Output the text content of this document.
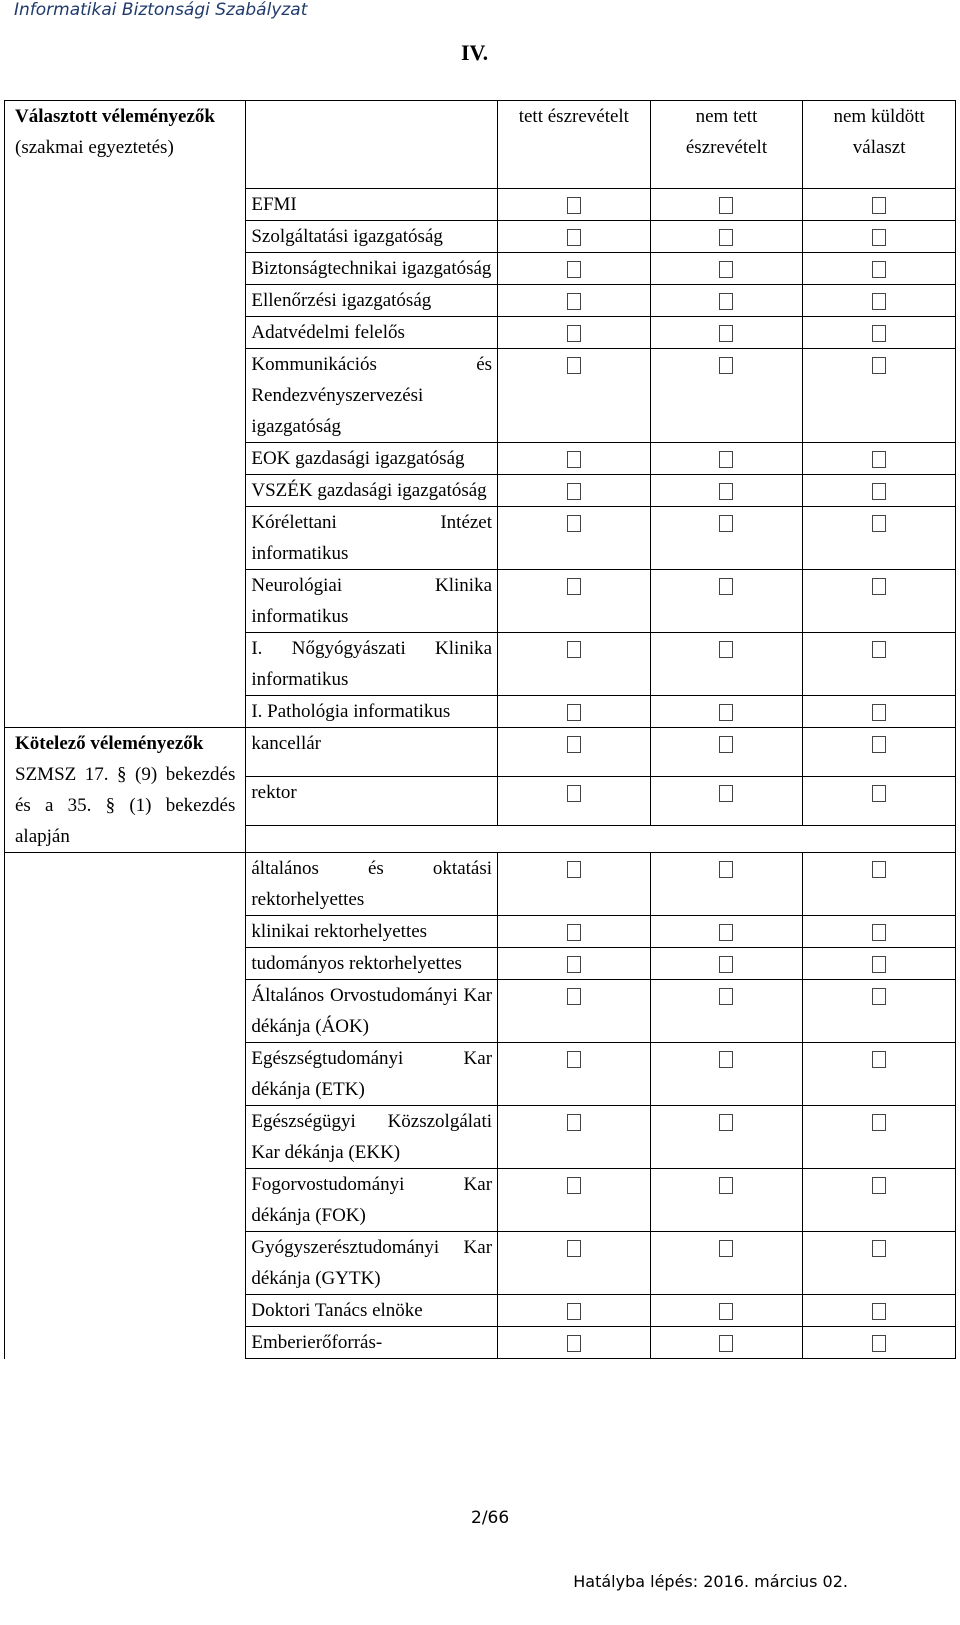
Informatikai Biztonsági Szabályzat
IV.
Választott véleményezők
(szakmai egyeztetés)		tett észrevételt	nem tett észrevételt	nem küldött választ
	EFMI			
	Szolgáltatási igazgatóság			
	Biztonságtechnikai igazgatóság			
	Ellenőrzési igazgatóság			
	Adatvédelmi felelős			
	Kommunikációs és Rendezvényszervezési igazgatóság			
	EOK gazdasági igazgatóság			
	VSZÉK gazdasági igazgatóság			
	Kórélettani Intézet informatikus			
	Neurológiai Klinika informatikus			
	I. Nőgyógyászati Klinika informatikus			
	I. Pathológia informatikus			

Kötelező véleményezők
SZMSZ 17. § (9) bekezdés és a 35. § (1) bekezdés alapján	kancellár			
	rektor			

	általános és oktatási rektorhelyettes			
	klinikai rektorhelyettes			
	tudományos rektorhelyettes			
	Általános Orvostudományi Kar dékánja (ÁOK)			
	Egészségtudományi Kar dékánja (ETK)			
	Egészségügyi Közszolgálati Kar dékánja (EKK)			
	Fogorvostudományi Kar dékánja (FOK)			
	Gyógyszerésztudományi Kar dékánja (GYTK)			
	Doktori Tanács elnöke			
	Emberierőforrás-			
2/66
Hatályba lépés: 2016. március 02.
